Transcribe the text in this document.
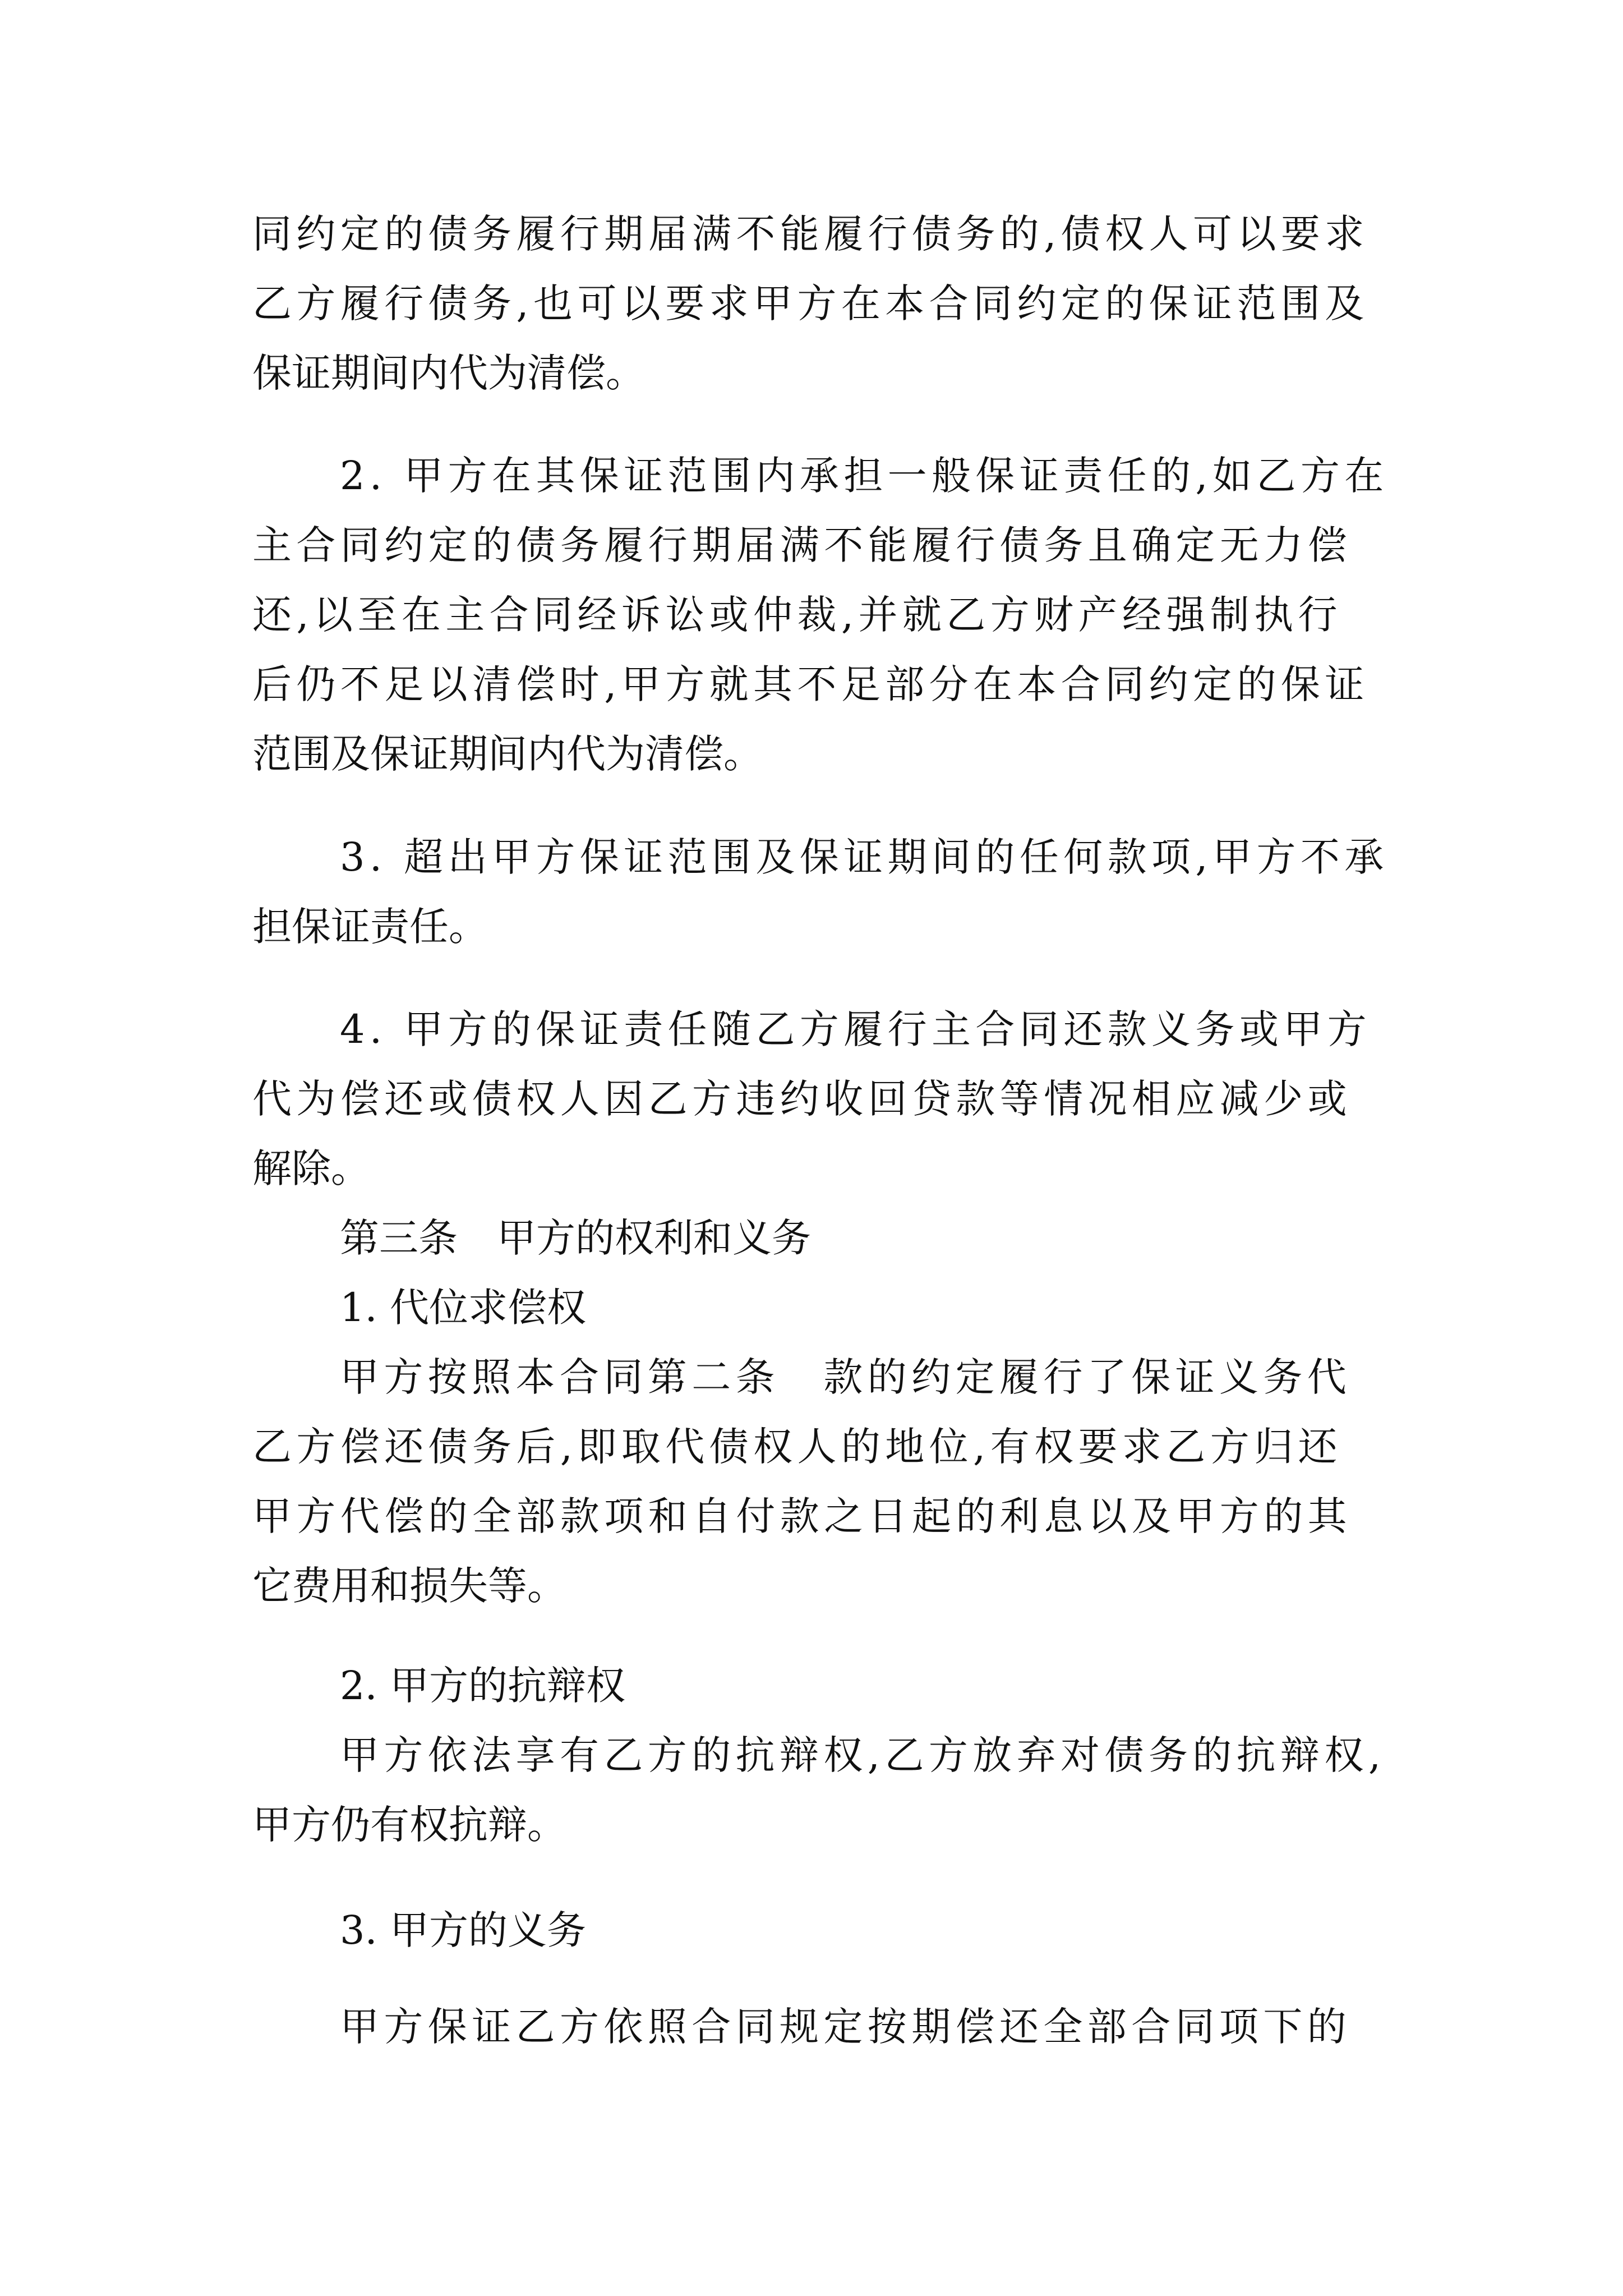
同约定的债务履行期届满不能履行债务的,债权人可以要求

乙方履行债务,也可以要求甲方在本合同约定的保证范围及

保证期间内代为清偿。

2. 甲方在其保证范围内承担一般保证责任的,如乙方在

主合同约定的债务履行期届满不能履行债务且确定无力偿

还,以至在主合同经诉讼或仲裁,并就乙方财产经强制执行

后仍不足以清偿时,甲方就其不足部分在本合同约定的保证

范围及保证期间内代为清偿。

3. 超出甲方保证范围及保证期间的任何款项,甲方不承

担保证责任。

4. 甲方的保证责任随乙方履行主合同还款义务或甲方

代为偿还或债权人因乙方违约收回贷款等情况相应减少或

解除。

第三条　甲方的权利和义务

1. 代位求偿权

甲方按照本合同第二条　款的约定履行了保证义务代

乙方偿还债务后,即取代债权人的地位,有权要求乙方归还

甲方代偿的全部款项和自付款之日起的利息以及甲方的其

它费用和损失等。

2. 甲方的抗辩权

甲方依法享有乙方的抗辩权,乙方放弃对债务的抗辩权,

甲方仍有权抗辩。

3. 甲方的义务

甲方保证乙方依照合同规定按期偿还全部合同项下的
